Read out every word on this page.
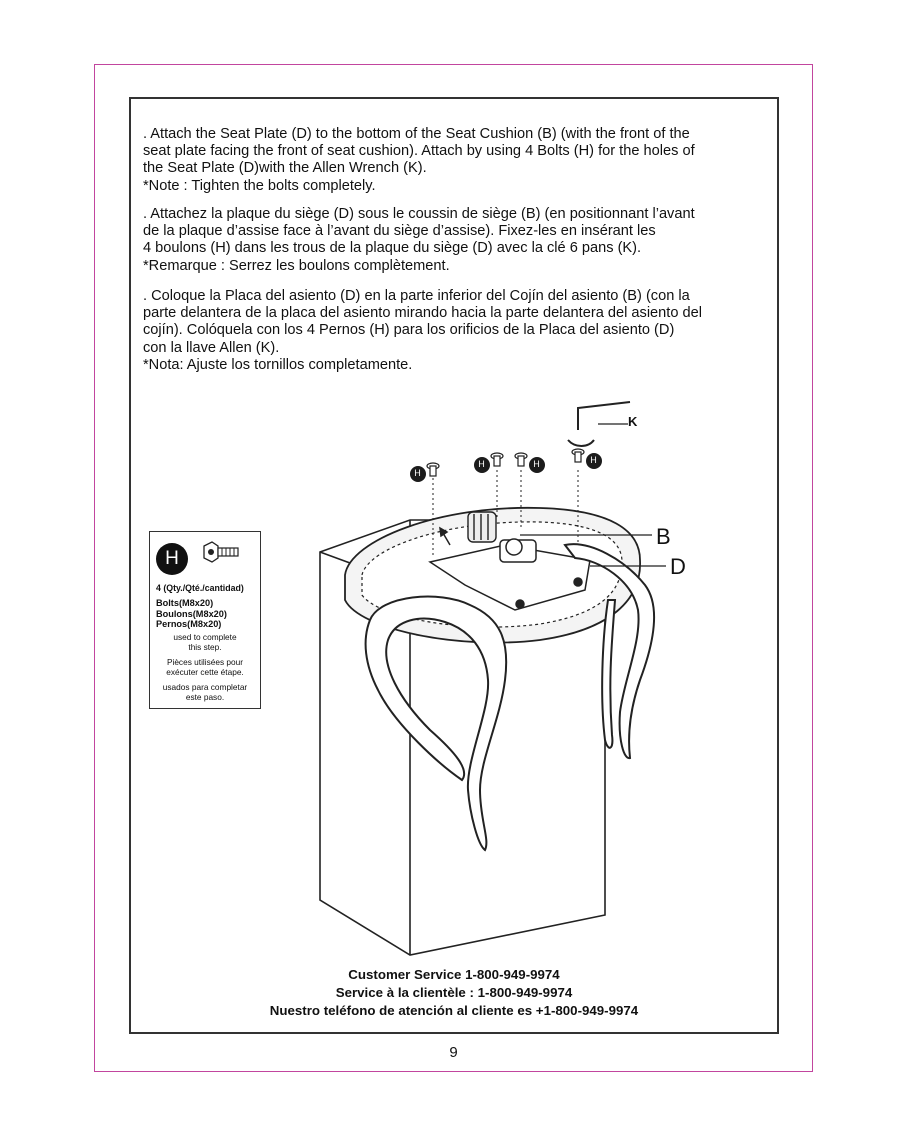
. Attach the Seat Plate (D) to the bottom of the Seat Cushion (B) (with the front of the

seat plate facing the front of seat cushion). Attach by using 4 Bolts (H) for the holes of

the Seat Plate (D)with the Allen Wrench (K).

*Note : Tighten the bolts completely.

. Attachez la plaque du siège (D) sous le coussin de siège (B) (en positionnant l’avant

de la plaque d’assise face à l’avant du siège d’assise). Fixez-les en insérant les

4 boulons (H) dans les trous de la plaque du siège (D) avec la clé 6 pans (K).

*Remarque : Serrez les boulons complètement.

. Coloque la Placa del asiento (D) en la parte inferior del Cojín del asiento (B) (con la

parte delantera de la placa del asiento mirando hacia la parte delantera del asiento del

cojín). Colóquela con los 4 Pernos (H) para los orificios de la Placa del asiento (D)

con la llave Allen (K).

*Nota: Ajuste los tornillos completamente.

H
H	H	H
B
D
K
H
4 (Qty./Qté./cantidad)
Bolts(M8x20)
Boulons(M8x20)
Pernos(M8x20)
used to complete
this step.
Pièces utilisées pour
exécuter cette étape.
usados para completar
este paso.
Customer Service 1-800-949-9974
Service à la clientèle : 1-800-949-9974
Nuestro teléfono de atención al cliente es +1-800-949-9974
9
